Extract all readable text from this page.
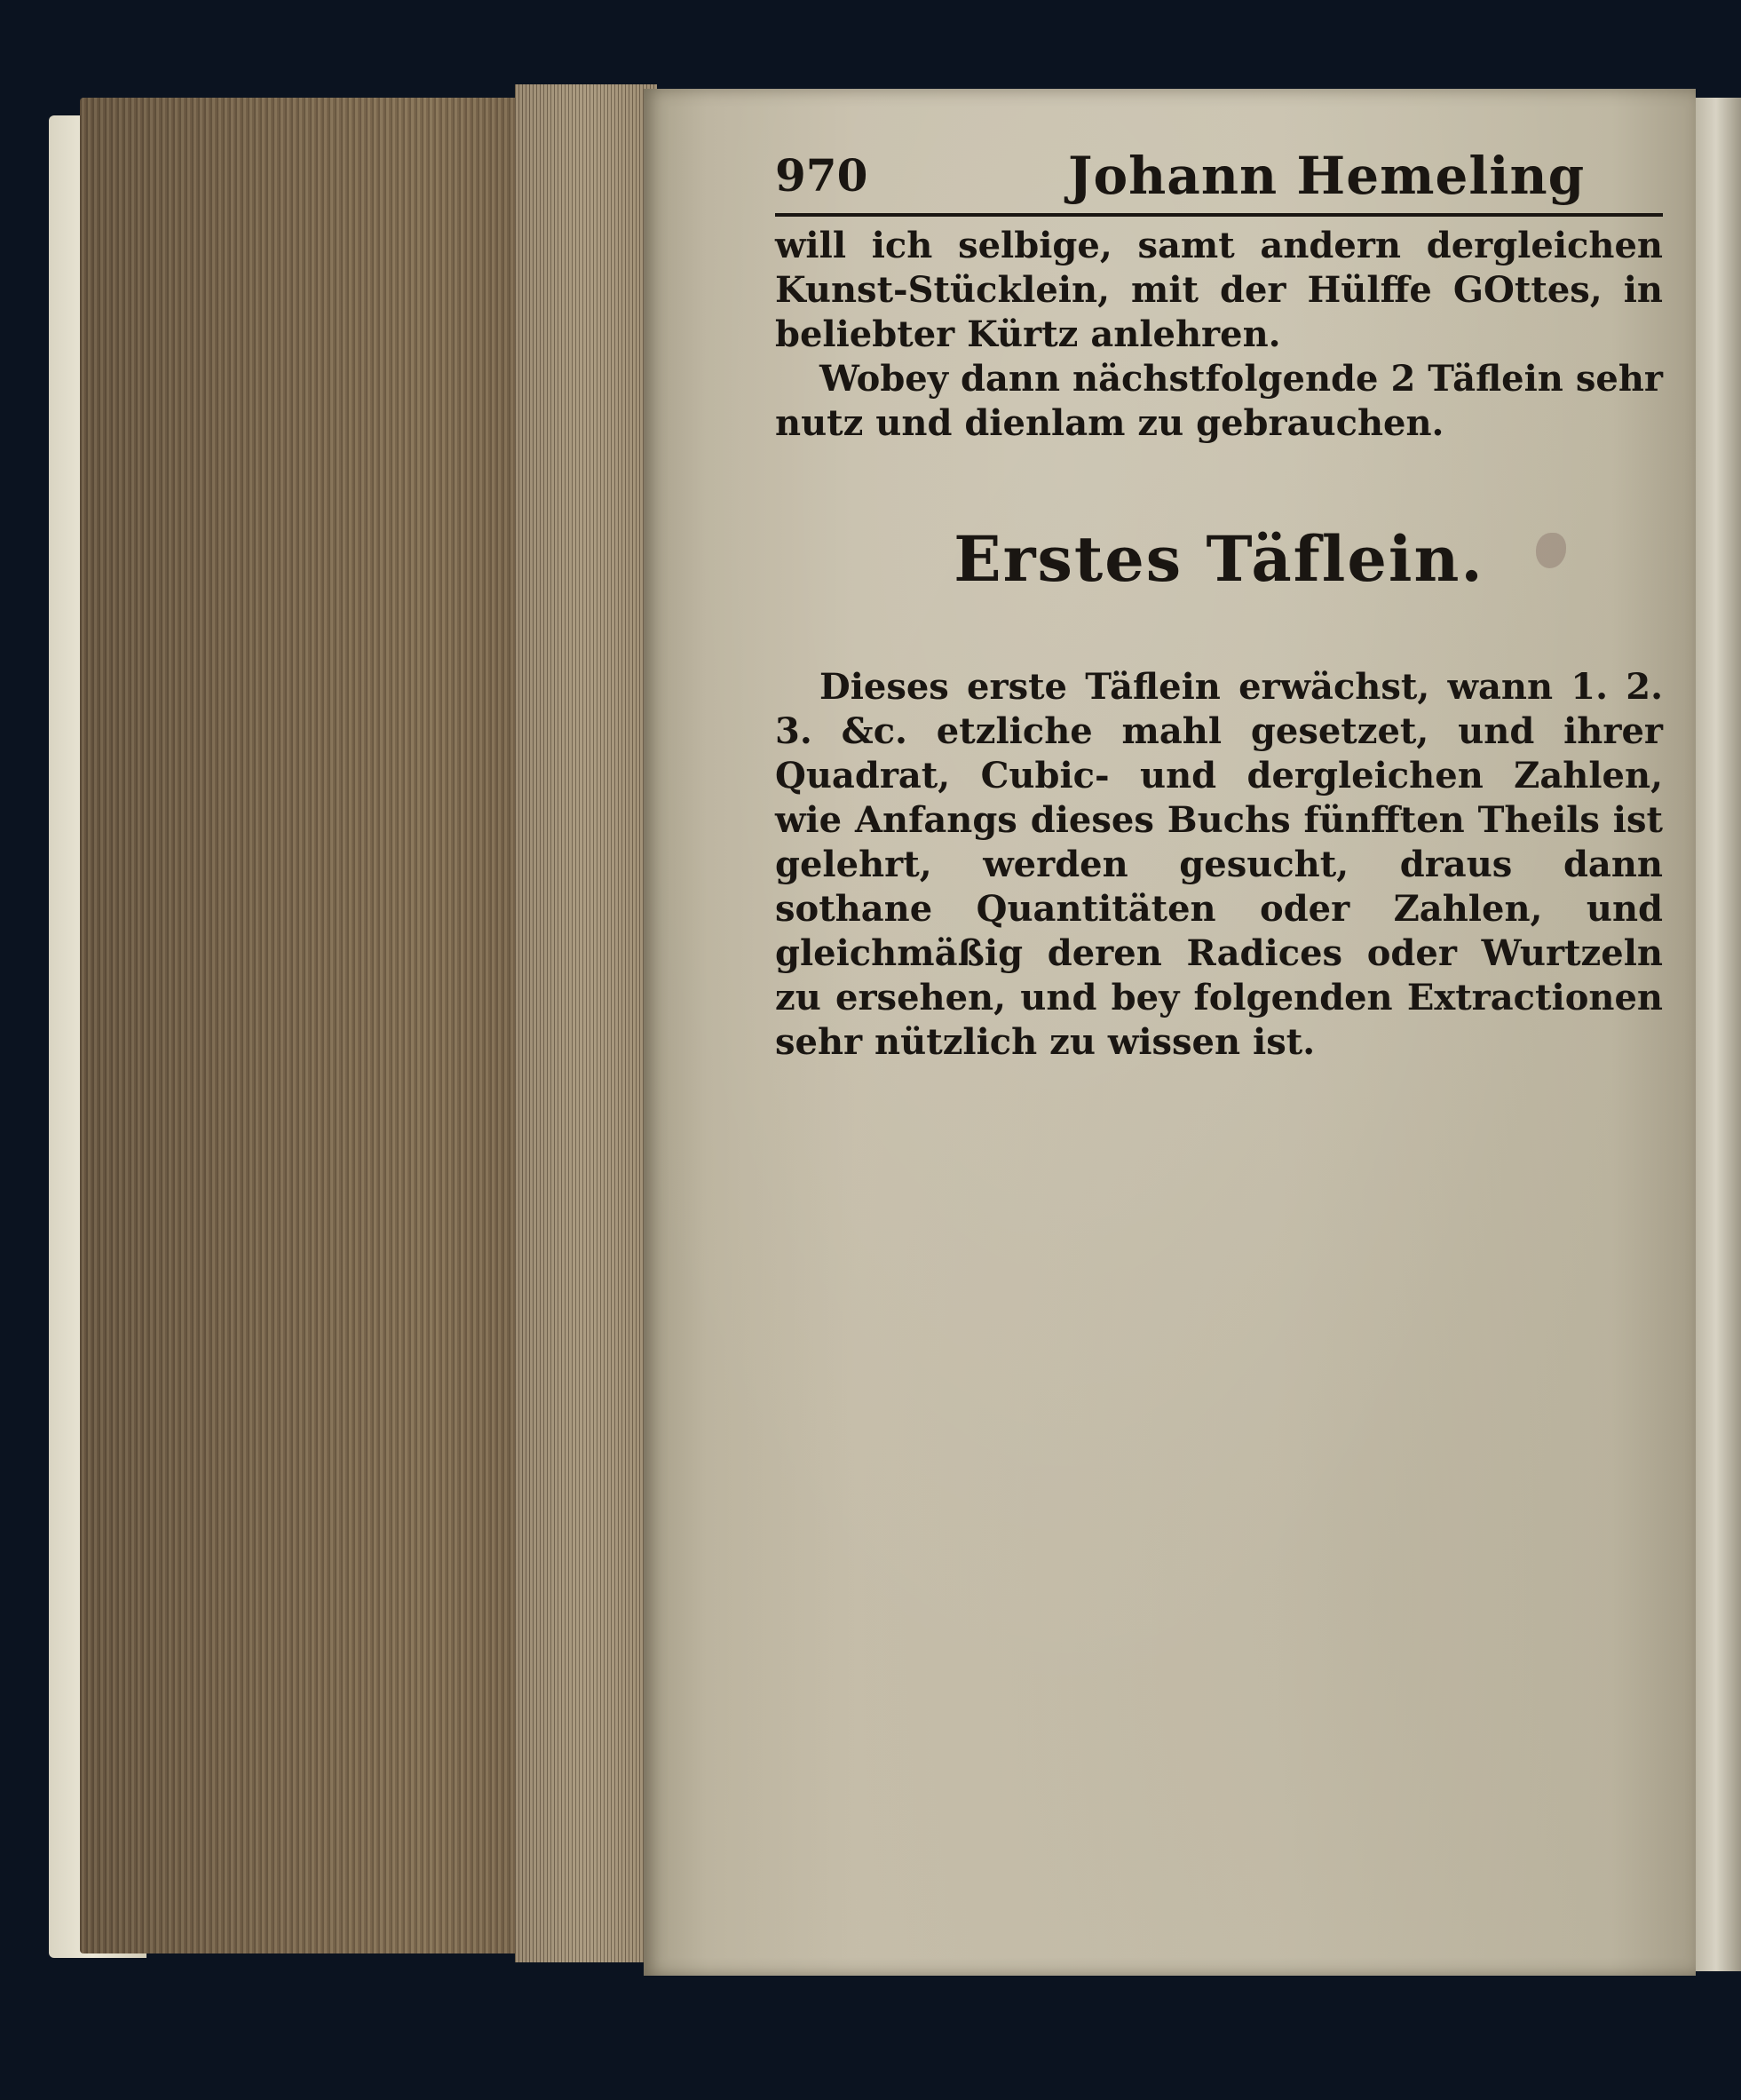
970	Johann Hemeling

will ich selbige, samt andern dergleichen Kunst-Stücklein, mit der Hülffe GOttes, in beliebter Kürtz anlehren.

Wobey dann nächstfolgende 2 Täflein sehr nutz und dienlam zu gebrauchen.

Erstes Täflein.

Dieses erste Täflein erwächst, wann 1. 2. 3. &c. etzliche mahl gesetzet, und ihrer Quadrat, Cubic- und dergleichen Zahlen, wie Anfangs dieses Buchs fünfften Theils ist gelehrt, werden gesucht, draus dann sothane Quantitäten oder Zahlen, und gleichmäßig deren Radices oder Wurtzeln zu ersehen, und bey folgenden Extractionen sehr nützlich zu wissen ist.
